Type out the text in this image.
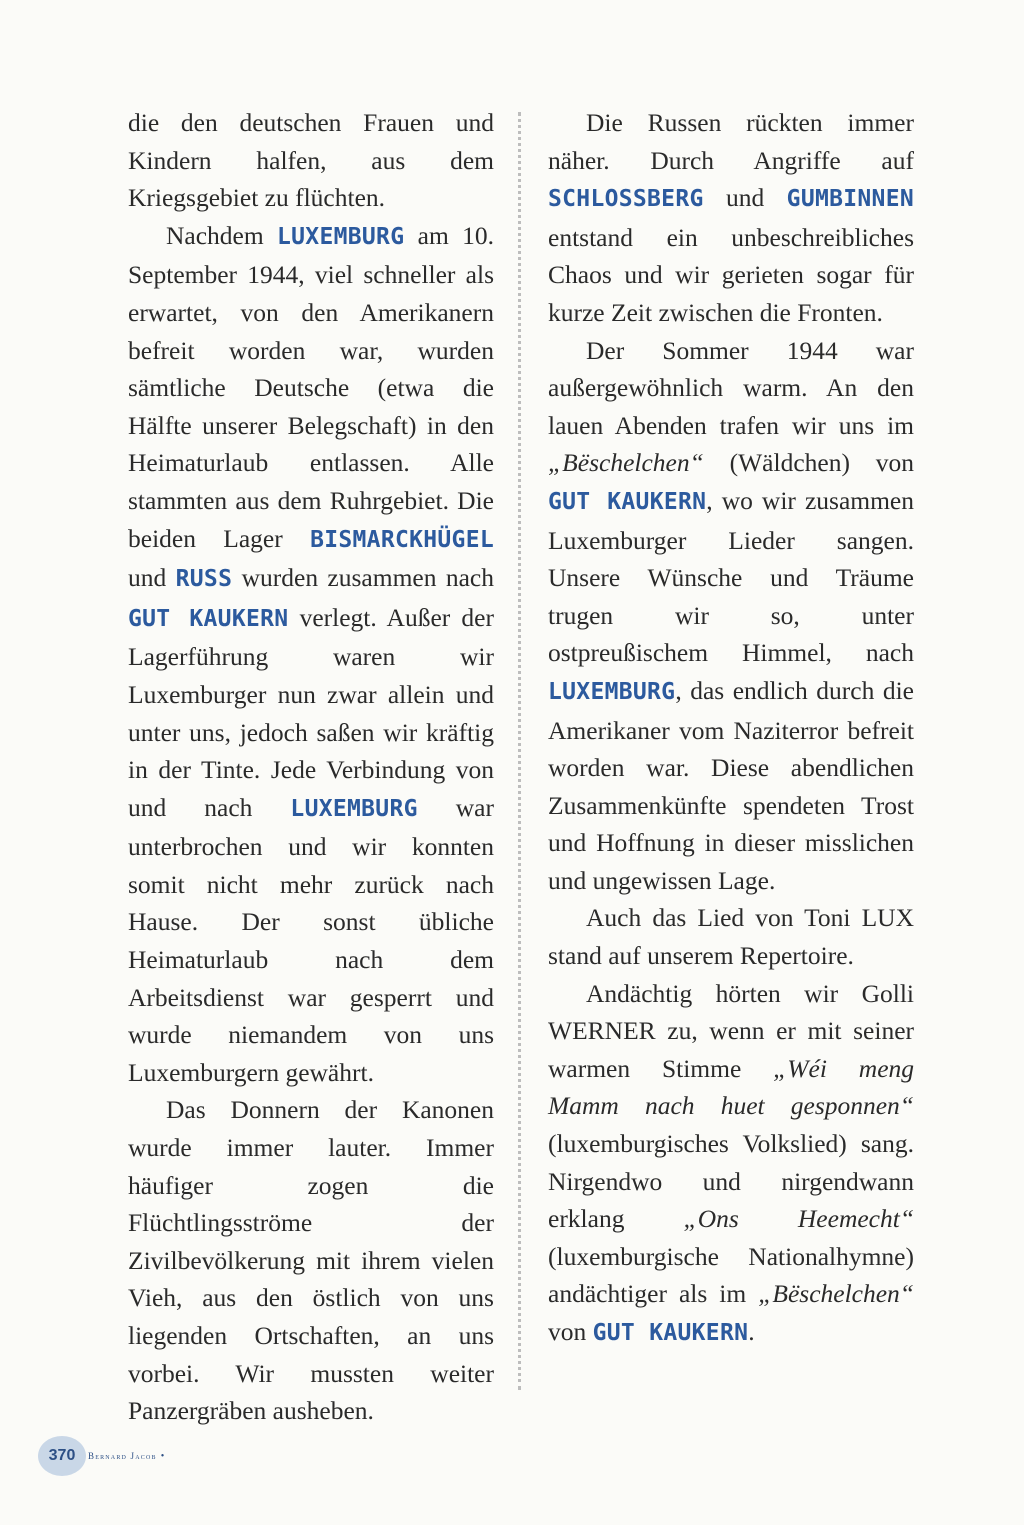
die den deutschen Frauen und Kindern halfen, aus dem Kriegsgebiet zu flüchten.

Nachdem LUXEMBURG am 10. September 1944, viel schneller als erwartet, von den Amerikanern befreit worden war, wurden sämtliche Deutsche (etwa die Hälfte unserer Belegschaft) in den Heimaturlaub entlassen. Alle stammten aus dem Ruhrgebiet. Die beiden Lager BISMARCKHÜGEL und RUSS wurden zusammen nach GUT KAUKERN verlegt. Außer der Lagerführung waren wir Luxemburger nun zwar allein und unter uns, jedoch saßen wir kräftig in der Tinte. Jede Verbindung von und nach LUXEMBURG war unterbrochen und wir konnten somit nicht mehr zurück nach Hause. Der sonst übliche Heimaturlaub nach dem Arbeitsdienst war gesperrt und wurde niemandem von uns Luxemburgern gewährt.

Das Donnern der Kanonen wurde immer lauter. Immer häufiger zogen die Flüchtlingsströme der Zivilbevölkerung mit ihrem vielen Vieh, aus den östlich von uns liegenden Ortschaften, an uns vorbei. Wir mussten weiter Panzergräben ausheben.

Die Russen rückten immer näher. Durch Angriffe auf SCHLOSSBERG und GUMBINNEN entstand ein unbeschreibliches Chaos und wir gerieten sogar für kurze Zeit zwischen die Fronten.

Der Sommer 1944 war außergewöhnlich warm. An den lauen Abenden trafen wir uns im „Bëschelchen“ (Wäldchen) von GUT KAUKERN, wo wir zusammen Luxemburger Lieder sangen. Unsere Wünsche und Träume trugen wir so, unter ostpreußischem Himmel, nach LUXEMBURG, das endlich durch die Amerikaner vom Naziterror befreit worden war. Diese abendlichen Zusammenkünfte spendeten Trost und Hoffnung in dieser misslichen und ungewissen Lage.

Auch das Lied von Toni LUX stand auf unserem Repertoire.

Andächtig hörten wir Golli WERNER zu, wenn er mit seiner warmen Stimme „Wéi meng Mamm nach huet gesponnen“ (luxemburgisches Volkslied) sang. Nirgendwo und nirgendwann erklang „Ons Heemecht“ (luxemburgische Nationalhymne) andächtiger als im „Bëschelchen“ von GUT KAUKERN.

370	Bernard Jacob •
